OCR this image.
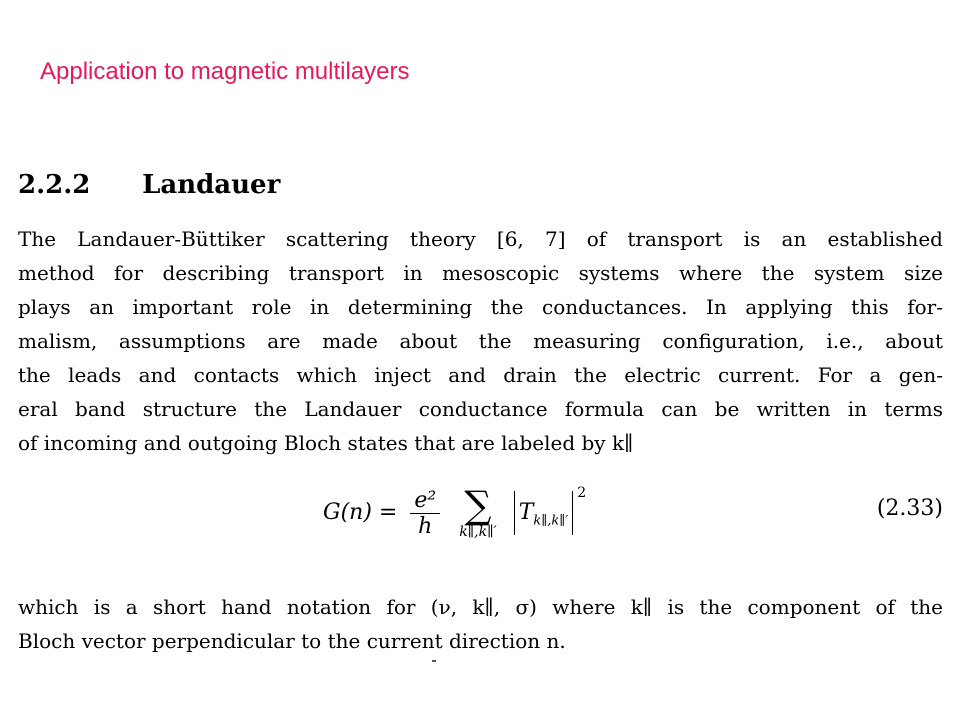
Application to magnetic multilayers
2.2.2 Landauer
The Landauer-Büttiker scattering theory [6, 7] of transport is an established
method for describing transport in mesoscopic systems where the system size
plays an important role in determining the conductances. In applying this for-
malism, assumptions are made about the measuring configuration, i.e., about
the leads and contacts which inject and drain the electric current. For a gen-
eral band structure the Landauer conductance formula can be written in terms
of incoming and outgoing Bloch states that are labeled by k∥
$G(n) = \frac{\text{e²}}{h}$
∑
k∥,k∥′
$T_{k\parallel,k\parallel'}^2$
(2.33)
which is a short hand notation for (ν, k∥, σ) where k∥ is the component of the
Bloch vector perpendicular to the current direction n.
